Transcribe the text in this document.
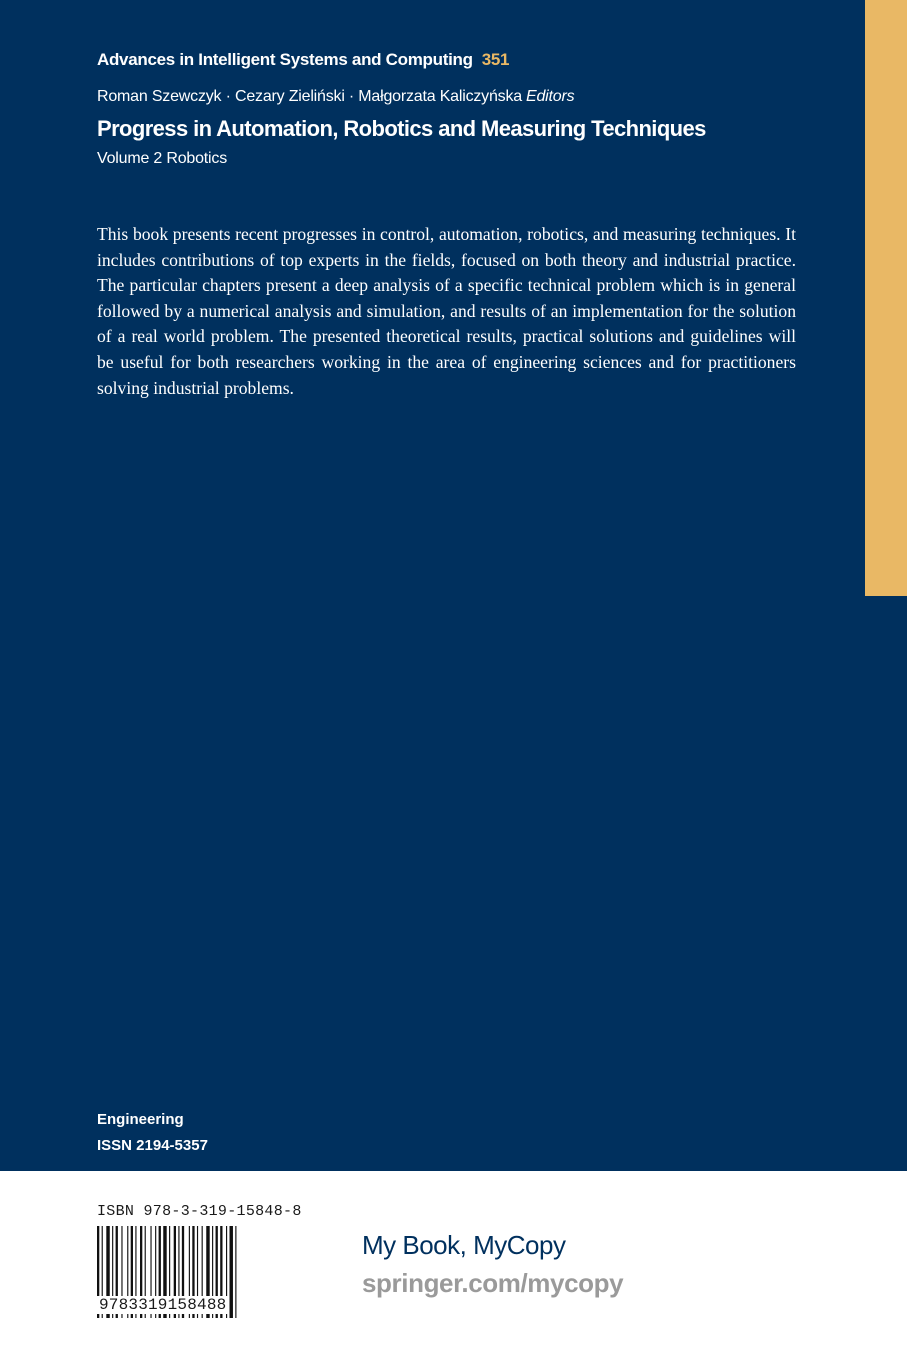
Advances in Intelligent Systems and Computing 351
Roman Szewczyk · Cezary Zieliński · Małgorzata Kaliczyńska Editors
Progress in Automation, Robotics and Measuring Techniques
Volume 2 Robotics

This book presents recent progresses in control, automation, robotics, and measuring techniques. It includes contributions of top experts in the fields, focused on both theory and industrial practice. The particular chapters present a deep analysis of a specific technical problem which is in general followed by a numerical analysis and simulation, and results of an implementation for the solution of a real world problem. The presented theoretical results, practical solutions and guidelines will be useful for both researchers working in the area of engineering sciences and for practitioners solving industrial problems.

Engineering
ISSN 2194-5357
ISBN 978-3-319-15848-8
9783319158488
My Book, MyCopy
springer.com/mycopy
